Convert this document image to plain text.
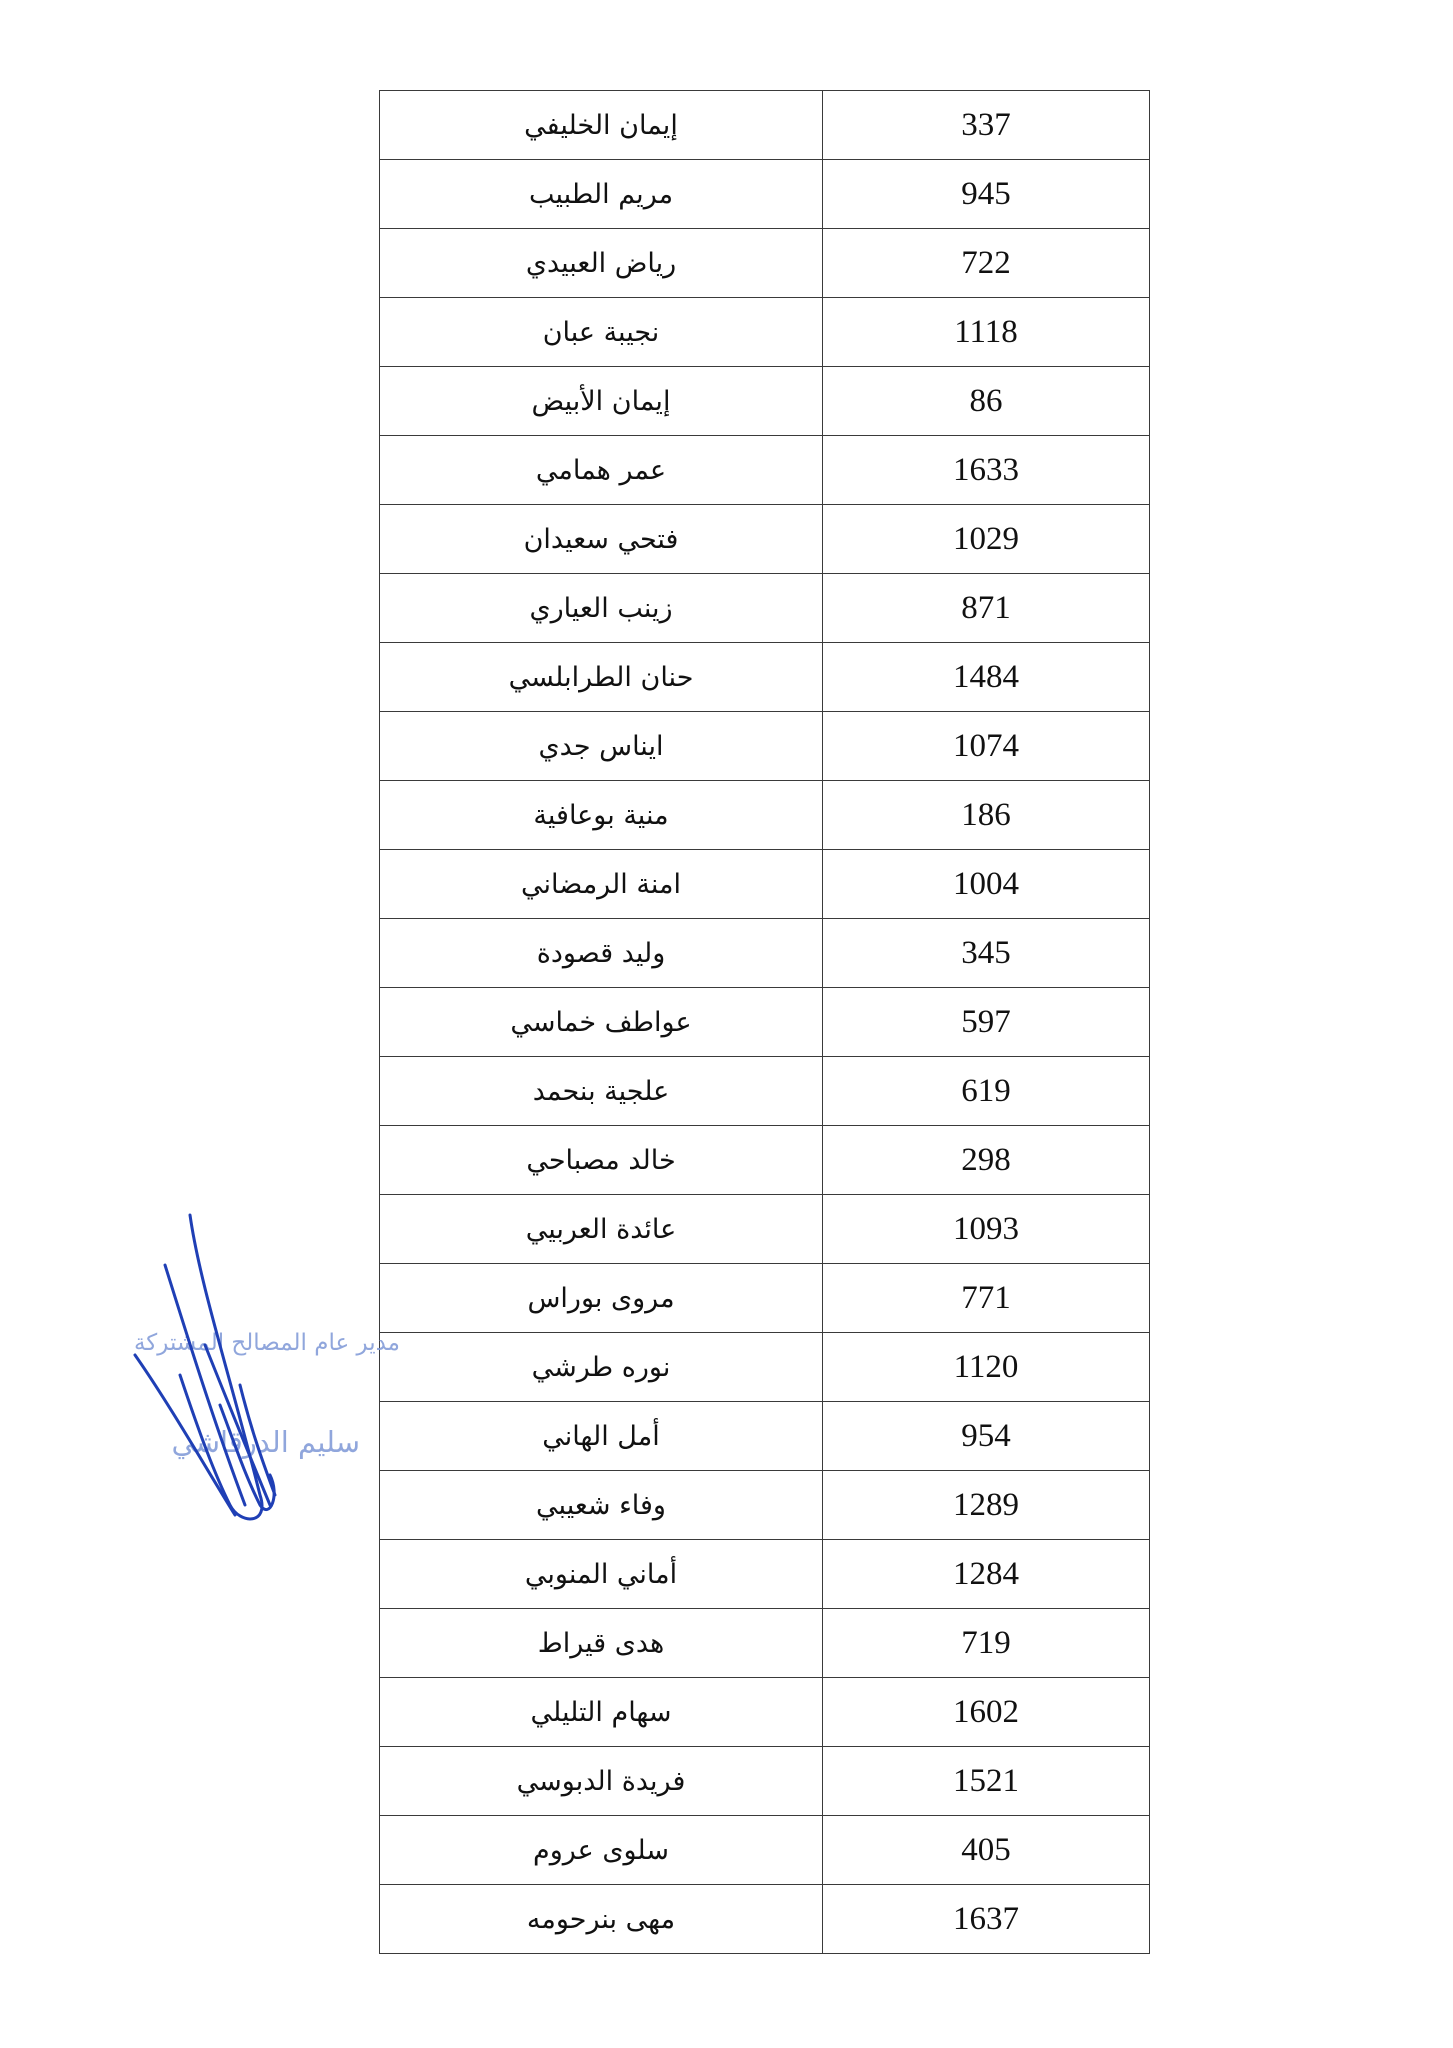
إيمان الخليفي	337
مريم الطبيب	945
رياض العبيدي	722
نجيبة عبان	1118
إيمان الأبيض	86
عمر همامي	1633
فتحي سعيدان	1029
زينب العياري	871
حنان الطرابلسي	1484
ايناس جدي	1074
منية بوعافية	186
امنة الرمضاني	1004
وليد قصودة	345
عواطف خماسي	597
علجية بنحمد	619
خالد مصباحي	298
عائدة العربيي	1093
مروى بوراس	771
نوره طرشي	1120
أمل الهاني	954
وفاء شعيبي	1289
أماني المنوبي	1284
هدى قيراط	719
سهام التليلي	1602
فريدة الدبوسي	1521
سلوى عروم	405
مهى بنرحومه	1637
مدير عام المصالح المشتركة
سليم الدرقاشي
